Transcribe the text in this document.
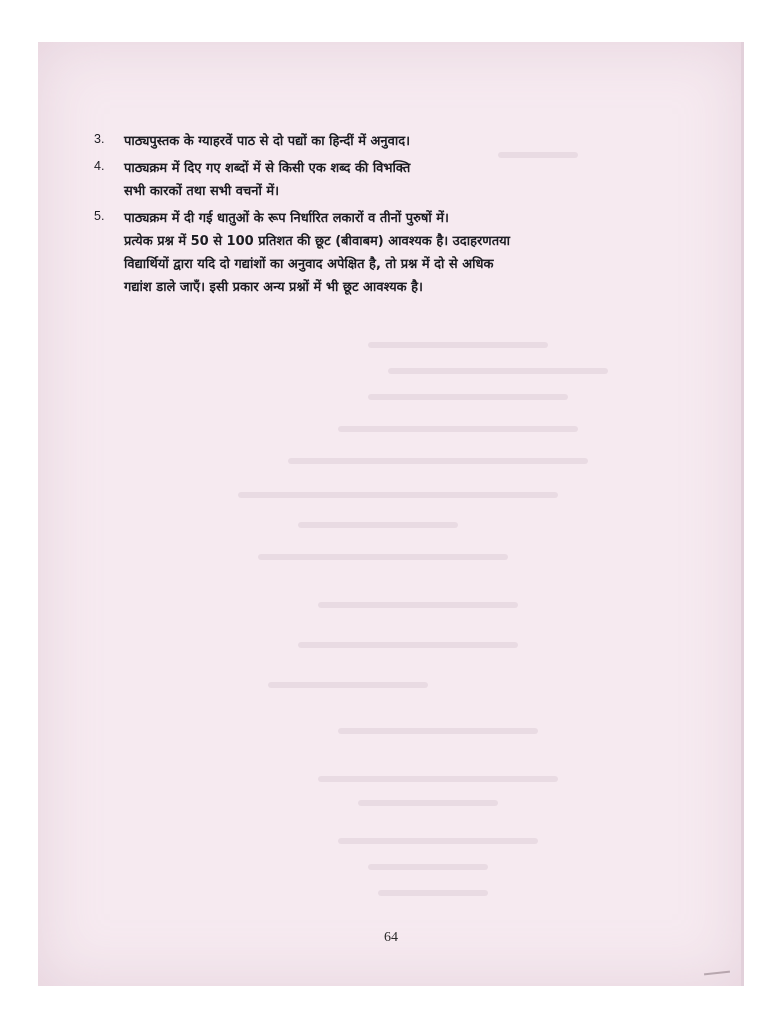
3. पाठ्यपुस्तक के ग्याहरवें पाठ से दो पद्यों का हिन्दीं में अनुवाद।
4. पाठ्यक्रम में दिए गए शब्दों में से किसी एक शब्द की विभक्ति
सभी कारकों तथा सभी वचनों में।
5. पाठ्यक्रम में दी गई धातुओं के रूप निर्धारित लकारों व तीनों पुरुषों में।
प्रत्येक प्रश्न में 50 से 100 प्रतिशत की छूट (बीवाबम) आवश्यक है। उदाहरणतया
विद्यार्थियों द्वारा यदि दो गद्यांशों का अनुवाद अपेक्षित है, तो प्रश्न में दो से अधिक
गद्यांश डाले जाएँ। इसी प्रकार अन्य प्रश्नों में भी छूट आवश्यक है।
64
